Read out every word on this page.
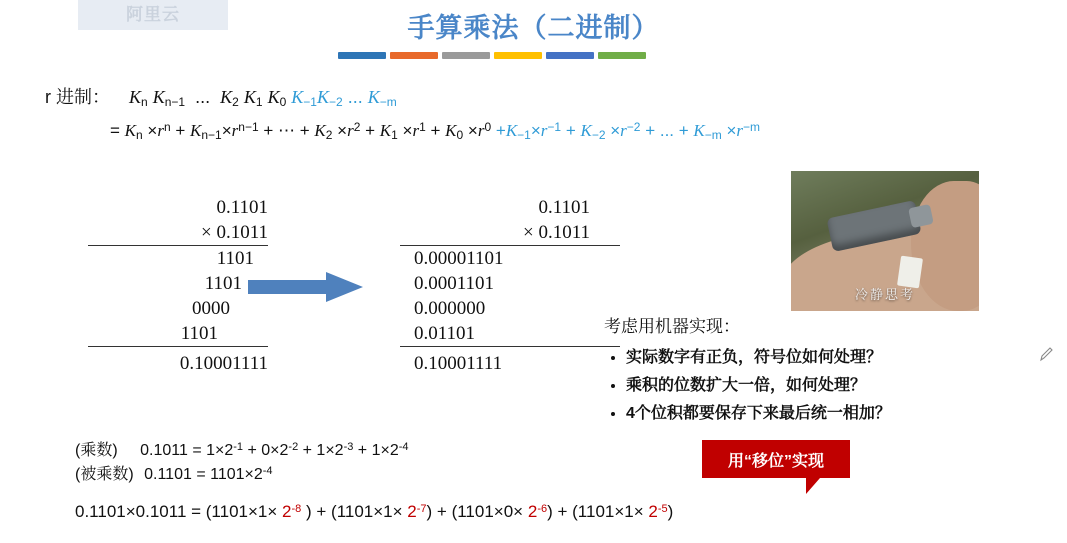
阿里云	手算乘法（二进制）
r 进制： $K_n$ $K_{n-1}$  ...  $K_2$ $K_1$ $K_0$ $K_{-1}K_{-2}$ ... $K_{-m}$
= $K_n \times r^n + K_{n-1}\times r^{n-1}$ + ⋯ + $K_2 \times r^2 + K_1 \times r^1 + K_0 \times r^0 +K_{-1}\times r^{-1} + K_{-2} \times r^{-2}$ + ... + $K_{-m} \times r^{-m}$
0.1101
× 0.1011
1101
1101
0000
1101
0.10001111
0.1101
× 0.1011
0.00001101
0.0001101
0.000000
0.01101
0.10001111
冷静思考
考虑用机器实现：
• 实际数字有正负，符号位如何处理？
• 乘积的位数扩大一倍，如何处理？
• 4个位积都要保存下来最后统一相加？
(乘数) $0.1011 = 1\times 2^{-1} + 0\times 2^{-2} + 1\times 2^{-3} + 1\times 2^{-4}$
(被乘数) $0.1101 = 1101\times 2^{-4}$
$0.1101\times 0.1011 = (1101\times 1\times 2^{-8}$ ) + $(1101\times 1\times 2^{-7}) + (1101\times 0\times 2^{-6}) + (1101\times 1\times 2^{-5})$
用“移位”实现
